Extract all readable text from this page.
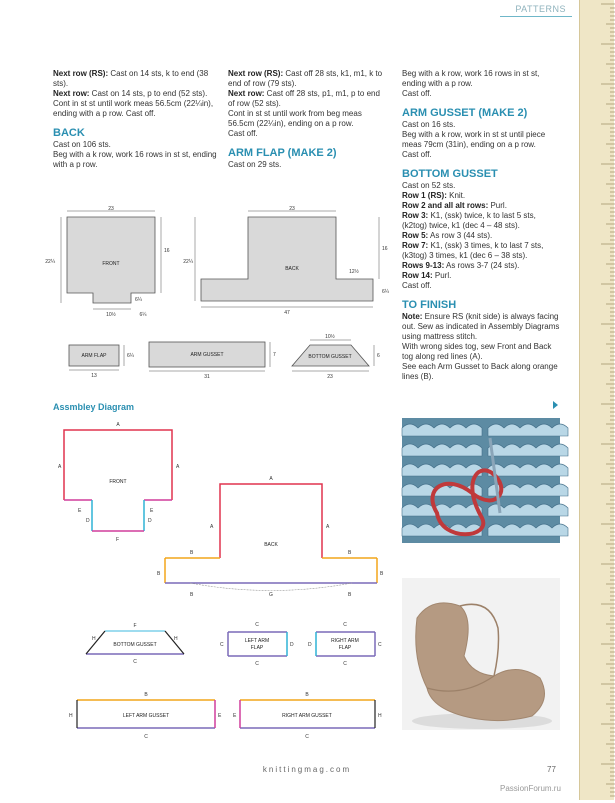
PATTERNS

Next row (RS): Cast on 14 sts, k to end (38 sts).

Next row: Cast on 14 sts, p to end (52 sts).

Cont in st st until work meas 56.5cm (22¼in), ending with a p row. Cast off.

BACK

Cast on 106 sts.

Beg with a k row, work 16 rows in st st, ending with a p row.

Next row (RS): Cast off 28 sts, k1, m1, k to end of row (79 sts).

Next row: Cast off 28 sts, p1, m1, p to end of row (52 sts).

Cont in st st until work from beg meas 56.5cm (22¼in), ending on a p row.

Cast off.

ARM FLAP (MAKE 2)

Cast on 29 sts.

Beg with a k row, work 16 rows in st st, ending with a p row.

Cast off.

ARM GUSSET (MAKE 2)

Cast on 16 sts.

Beg with a k row, work in st st until piece meas 79cm (31in), ending on a p row.

Cast off.

BOTTOM GUSSET

Cast on 52 sts.

Row 1 (RS): Knit.

Row 2 and all alt rows: Purl.

Row 3: K1, (ssk) twice, k to last 5 sts, (k2tog) twice, k1 (dec 4 – 48 sts).

Row 5: As row 3 (44 sts).

Row 7: K1, (ssk) 3 times, k to last 7 sts, (k3tog) 3 times, k1 (dec 6 – 38 sts).

Rows 9-13: As rows 3-7 (24 sts).

Row 14: Purl.

Cast off.

TO FINISH

Note: Ensure RS (knit side) is always facing out. Sew as indicated in Assembly Diagrams using mattress stitch.

With wrong sides tog, sew Front and Back tog along red lines (A).

See each Arm Gusset to Back along orange lines (B).

23
22¼
16
6¼
10½	6¼
FRONT
23
22¼
16
12½
6¼
47
BACK
ARM FLAP	6¼
13
ARM GUSSET	7
31
10½
BOTTOM GUSSET	6
23
Assmbley Diagram
A
A	A
E	E
D	D
F
FRONT	A
A	A
B	B
B	B
B	B
G
BACK
F
H	H
C
BOTTOM GUSSET
C
C	D
C
LEFT ARM
FLAP
C
D	C
C
RIGHT ARM
FLAP
B
H	E
C
LEFT ARM GUSSET
B
E	H
C
RIGHT ARM GUSSET
knittingmag.com	77
PassionForum.ru
